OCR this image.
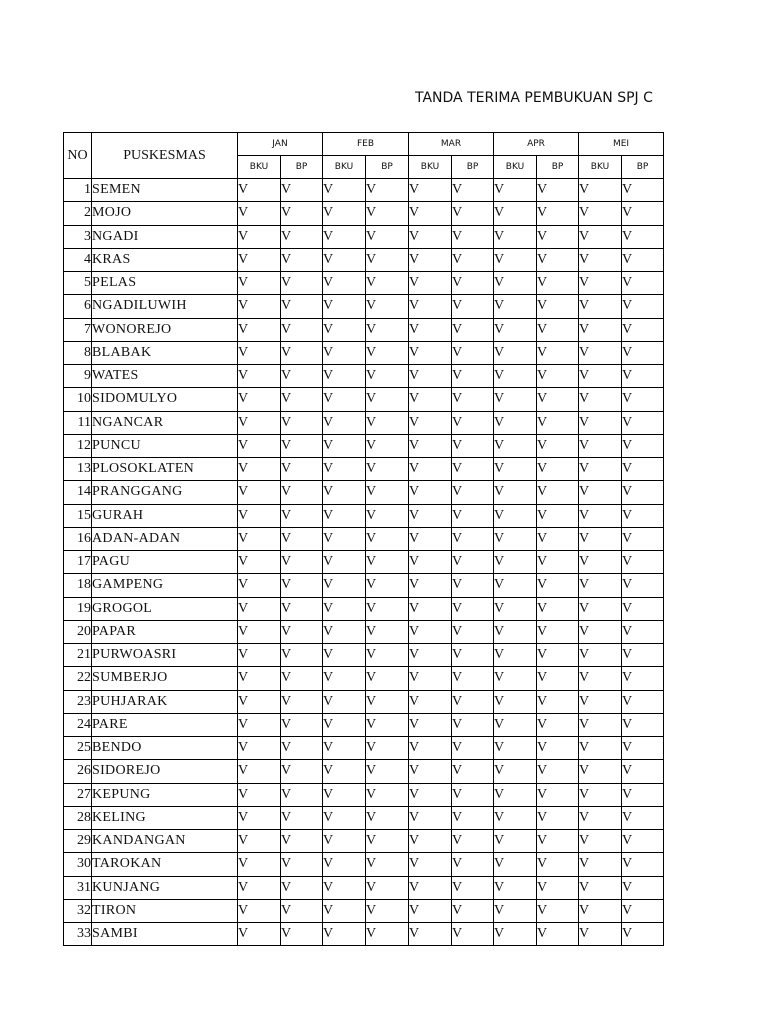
TANDA TERIMA PEMBUKUAN SPJ C
NO	PUSKESMAS	JAN		FEB		MAR		APR		MEI	
		BKU	BP	BKU	BP	BKU	BP	BKU	BP	BKU	BP
1	SEMEN	V	V	V	V	V	V	V	V	V	V
2	MOJO	V	V	V	V	V	V	V	V	V	V
3	NGADI	V	V	V	V	V	V	V	V	V	V
4	KRAS	V	V	V	V	V	V	V	V	V	V
5	PELAS	V	V	V	V	V	V	V	V	V	V
6	NGADILUWIH	V	V	V	V	V	V	V	V	V	V
7	WONOREJO	V	V	V	V	V	V	V	V	V	V
8	BLABAK	V	V	V	V	V	V	V	V	V	V
9	WATES	V	V	V	V	V	V	V	V	V	V
10	SIDOMULYO	V	V	V	V	V	V	V	V	V	V
11	NGANCAR	V	V	V	V	V	V	V	V	V	V
12	PUNCU	V	V	V	V	V	V	V	V	V	V
13	PLOSOKLATEN	V	V	V	V	V	V	V	V	V	V
14	PRANGGANG	V	V	V	V	V	V	V	V	V	V
15	GURAH	V	V	V	V	V	V	V	V	V	V
16	ADAN-ADAN	V	V	V	V	V	V	V	V	V	V
17	PAGU	V	V	V	V	V	V	V	V	V	V
18	GAMPENG	V	V	V	V	V	V	V	V	V	V
19	GROGOL	V	V	V	V	V	V	V	V	V	V
20	PAPAR	V	V	V	V	V	V	V	V	V	V
21	PURWOASRI	V	V	V	V	V	V	V	V	V	V
22	SUMBERJO	V	V	V	V	V	V	V	V	V	V
23	PUHJARAK	V	V	V	V	V	V	V	V	V	V
24	PARE	V	V	V	V	V	V	V	V	V	V
25	BENDO	V	V	V	V	V	V	V	V	V	V
26	SIDOREJO	V	V	V	V	V	V	V	V	V	V
27	KEPUNG	V	V	V	V	V	V	V	V	V	V
28	KELING	V	V	V	V	V	V	V	V	V	V
29	KANDANGAN	V	V	V	V	V	V	V	V	V	V
30	TAROKAN	V	V	V	V	V	V	V	V	V	V
31	KUNJANG	V	V	V	V	V	V	V	V	V	V
32	TIRON	V	V	V	V	V	V	V	V	V	V
33	SAMBI	V	V	V	V	V	V	V	V	V	V
